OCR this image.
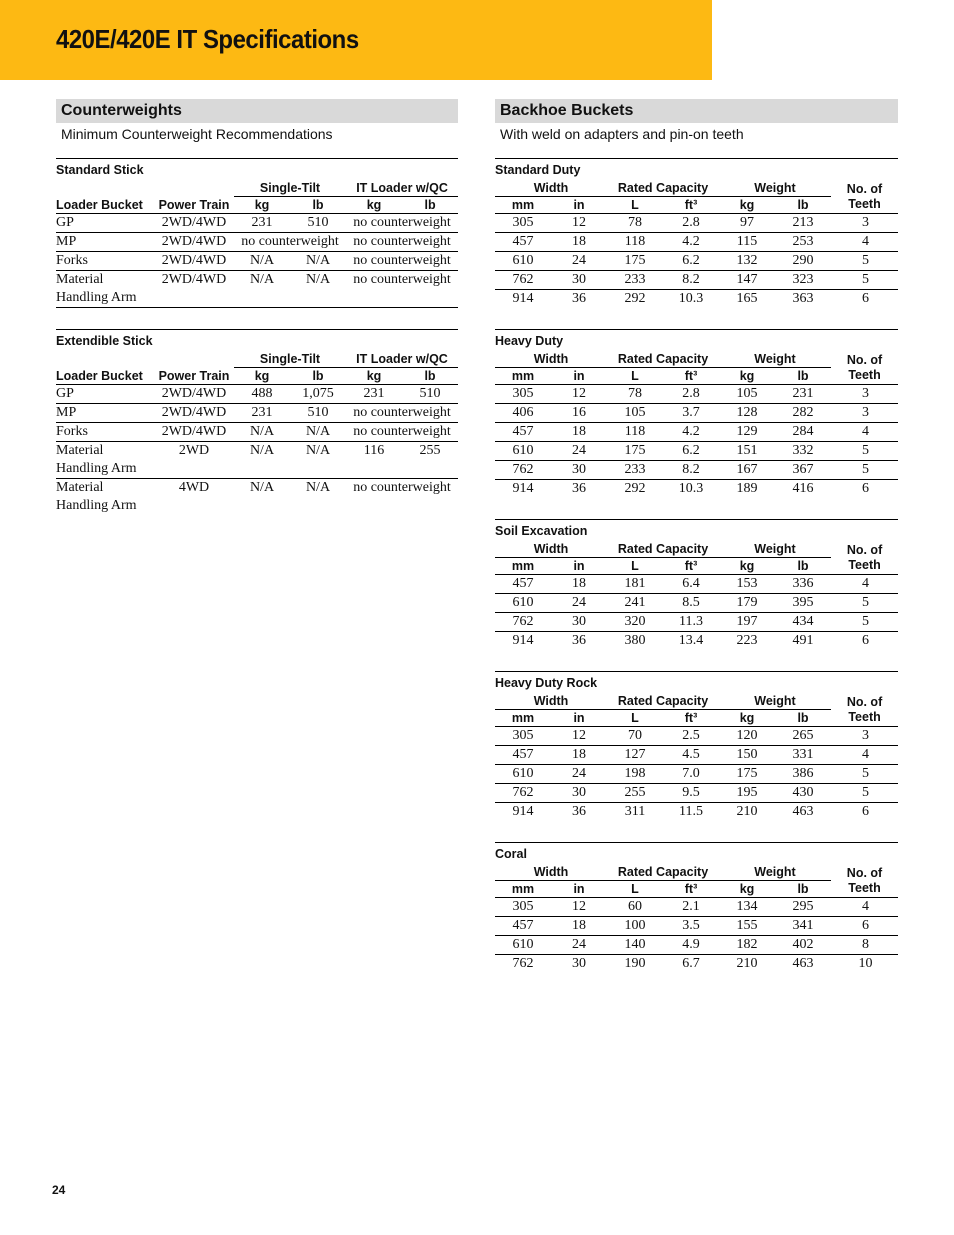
420E/420E IT Specifications
Counterweights
Minimum Counterweight Recommendations
Standard Stick					
		Single-Tilt		IT Loader w/QC	
Loader Bucket	Power Train	kg	lb	kg	lb
GP	2WD/4WD	231	510	no counterweight	
MP	2WD/4WD	no counterweight		no counterweight	
Forks	2WD/4WD	N/A	N/A	no counterweight	
Material Handling Arm	2WD/4WD	N/A	N/A	no counterweight	
Extendible Stick					
		Single-Tilt		IT Loader w/QC	
Loader Bucket	Power Train	kg	lb	kg	lb
GP	2WD/4WD	488	1,075	231	510
MP	2WD/4WD	231	510	no counterweight	
Forks	2WD/4WD	N/A	N/A	no counterweight	
Material Handling Arm	2WD	N/A	N/A	116	255
Material Handling Arm	4WD	N/A	N/A	no counterweight	
Backhoe Buckets
With weld on adapters and pin-on teeth
Standard Duty						
Width		Rated Capacity		Weight		No. of Teeth
mm	in	L	ft³	kg	lb	
305	12	78	2.8	97	213	3
457	18	118	4.2	115	253	4
610	24	175	6.2	132	290	5
762	30	233	8.2	147	323	5
914	36	292	10.3	165	363	6
Heavy Duty						
Width		Rated Capacity		Weight		No. of Teeth
mm	in	L	ft³	kg	lb	
305	12	78	2.8	105	231	3
406	16	105	3.7	128	282	3
457	18	118	4.2	129	284	4
610	24	175	6.2	151	332	5
762	30	233	8.2	167	367	5
914	36	292	10.3	189	416	6
Soil Excavation						
Width		Rated Capacity		Weight		No. of Teeth
mm	in	L	ft³	kg	lb	
457	18	181	6.4	153	336	4
610	24	241	8.5	179	395	5
762	30	320	11.3	197	434	5
914	36	380	13.4	223	491	6
Heavy Duty Rock						
Width		Rated Capacity		Weight		No. of Teeth
mm	in	L	ft³	kg	lb	
305	12	70	2.5	120	265	3
457	18	127	4.5	150	331	4
610	24	198	7.0	175	386	5
762	30	255	9.5	195	430	5
914	36	311	11.5	210	463	6
Coral						
Width		Rated Capacity		Weight		No. of Teeth
mm	in	L	ft³	kg	lb	
305	12	60	2.1	134	295	4
457	18	100	3.5	155	341	6
610	24	140	4.9	182	402	8
762	30	190	6.7	210	463	10
24
